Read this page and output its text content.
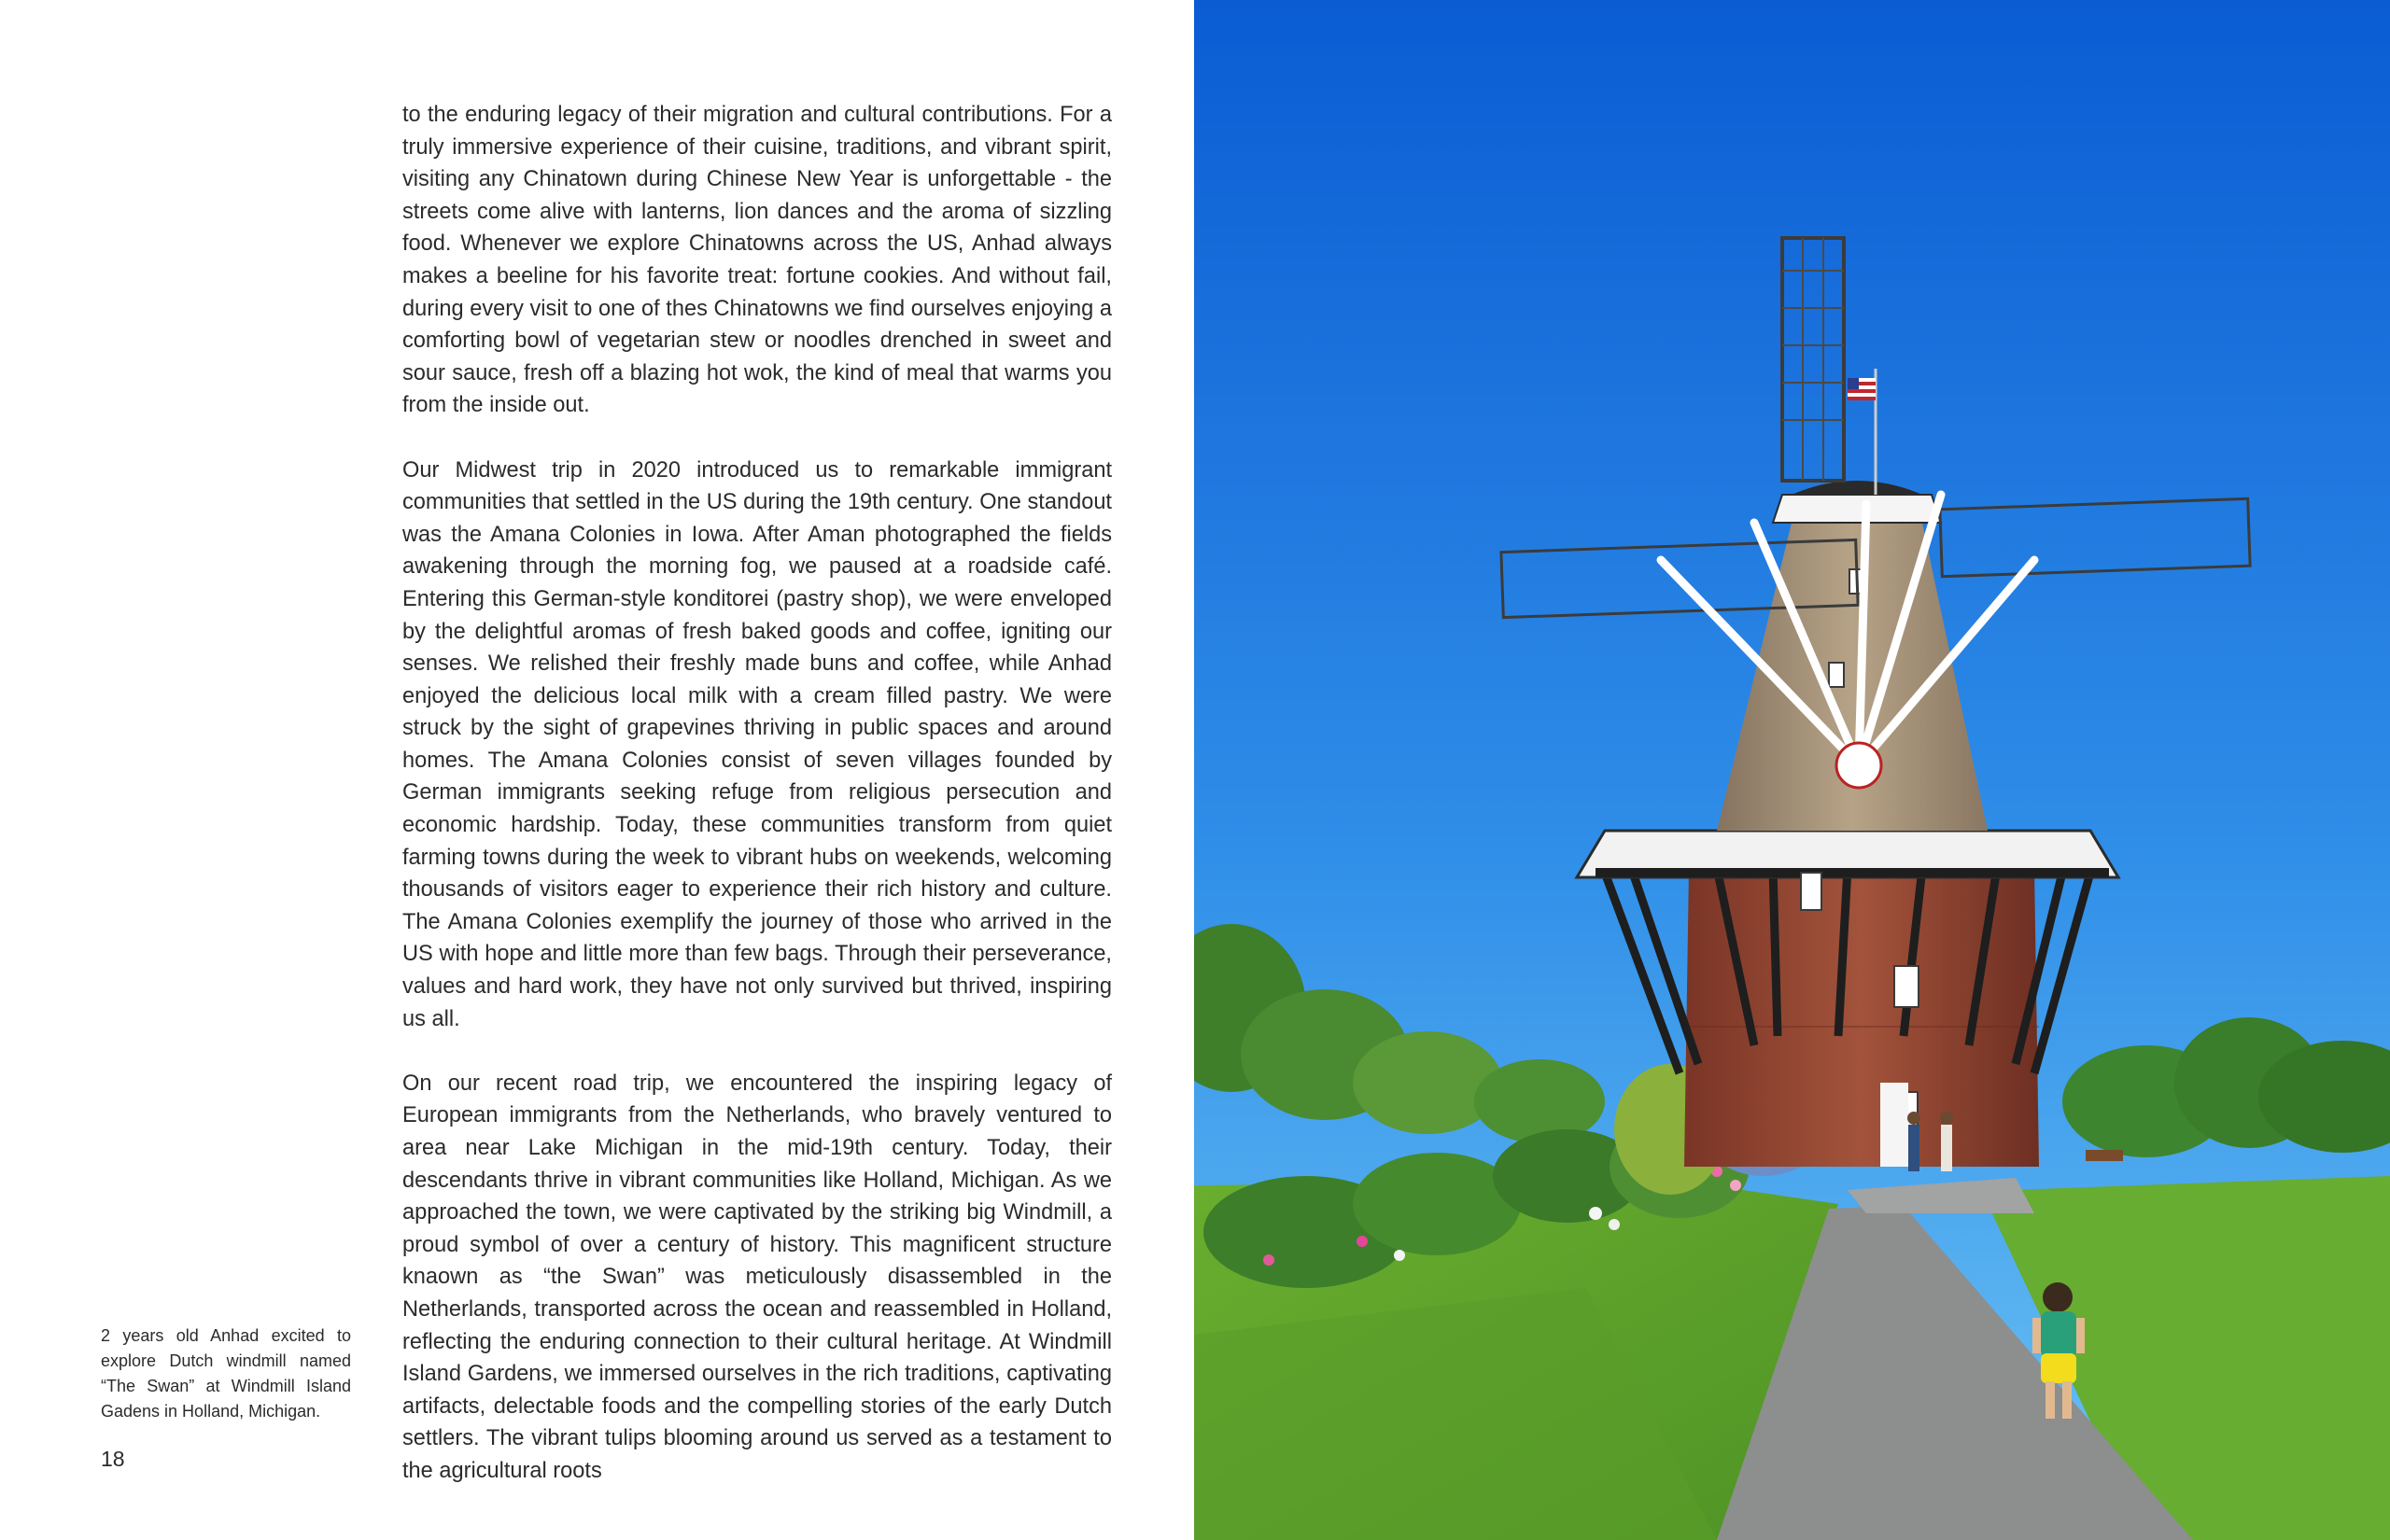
to the enduring legacy of their migration and cultural contributions. For a truly immersive experience of their cuisine, traditions, and vibrant spirit, visiting any Chinatown during Chinese New Year is unforgettable - the streets come alive with lanterns, lion dances and the aroma of sizzling food. Whenever we explore Chinatowns across the US, Anhad always makes a beeline for his favorite treat: fortune cookies. And without fail, during every visit to one of thes Chinatowns we find ourselves enjoying a comforting bowl of vegetarian stew or noodles drenched in sweet and sour sauce, fresh off a blazing hot wok, the kind of meal that warms you from the inside out.

Our Midwest trip in 2020 introduced us to remarkable immigrant communities that settled in the US during the 19th century. One standout was the Amana Colonies in Iowa. After Aman photographed the fields awakening through the morning fog, we paused at a roadside café. Entering this German-style konditorei (pastry shop), we were enveloped by the delightful aromas of fresh baked goods and coffee, igniting our senses. We relished their freshly made buns and coffee, while Anhad enjoyed the delicious local milk with a cream filled pastry. We were struck by the sight of grapevines thriving in public spaces and around homes. The Amana Colonies consist of seven villages founded by German immigrants seeking refuge from religious persecution and economic hardship. Today, these communities transform from quiet farming towns during the week to vibrant hubs on weekends, welcoming thousands of visitors eager to experience their rich history and culture. The Amana Colonies exemplify the journey of those who arrived in the US with hope and little more than few bags. Through their perseverance, values and hard work, they have not only survived but thrived, inspiring us all.

On our recent road trip, we encountered the inspiring legacy of European immigrants from the Netherlands, who bravely ventured to area near Lake Michigan in the mid-19th century. Today, their descendants thrive in vibrant communities like Holland, Michigan. As we approached the town, we were captivated by the striking big Windmill, a proud symbol of over a century of history. This magnificent structure knaown as “the Swan” was meticulously disassembled in the Netherlands, transported across the ocean and reassembled in Holland, reflecting the enduring connection to their cultural heritage. At Windmill Island Gardens, we immersed ourselves in the rich traditions, captivating artifacts, delectable foods and the compelling stories of the early Dutch settlers. The vibrant tulips blooming around us served as a testament to the agricultural roots

2 years old Anhad excited to explore Dutch windmill named “The Swan” at Windmill Island Gadens in Holland, Michigan.
18
